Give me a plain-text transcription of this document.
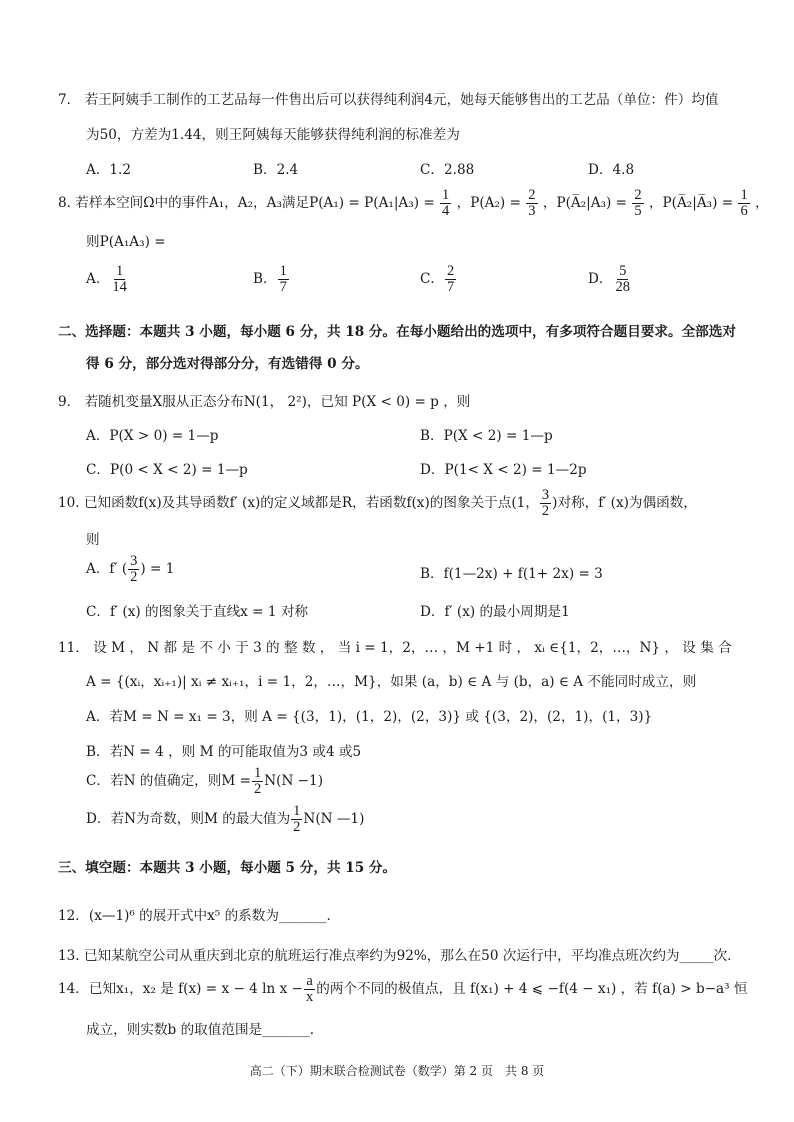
7． 若王阿姨手工制作的工艺品每一件售出后可以获得纯利润4元，她每天能够售出的工艺品（单位：件）均值
为50，方差为1.44，则王阿姨每天能够获得纯利润的标准差为
A．1.2	B．2.4	C．2.88	D．4.8
8. 若样本空间Ω中的事件A₁，A₂，A₃满足$P(A_1) = P(A_1|A_3) = \frac{1}{4}$ ，$P(A_2) = \frac{2}{3}$ ，P(A̅₂|A₃) = $\frac{2}{5}$ ，P(A̅₂|A̅₃) = $\frac{1}{6}$ ，
则P(A₁A₃) =
A． $\frac{1}{14}$	B． $\frac{1}{7}$	C． $\frac{2}{7}$	D． $\frac{5}{28}$
二、选择题：本题共 3 小题，每小题 6 分，共 18 分。在每小题给出的选项中，有多项符合题目要求。全部选对
得 6 分，部分选对得部分分，有选错得 0 分。
9． 若随机变量X服从正态分布N(1， 2²)，已知 P(X < 0) = p ，则
A．P(X > 0) = 1—p	B．P(X < 2) = 1—p
C．P(0 < X < 2) = 1—p	D．P(1< X < 2) = 1—2p
10. 已知函数f(x)及其导函数f′ (x)的定义域都是R，若函数f(x)的图象关于点(1， $\frac{3}{2}$ )对称，f′ (x)为偶函数，
则
A．f′ ( $\frac{3}{2}$ ) = 1	B．f(1—2x) + f(1+ 2x) = 3
C．f′ (x) 的图象关于直线x = 1 对称	D．f′ (x) 的最小周期是1
11． 设 M ， N 都 是 不 小 于 3 的 整 数 ， 当 i = 1，2，… ，M +1 时 ， xᵢ ∈{1，2，…，N} ， 设 集 合
A = {(xᵢ，xᵢ₊₁)| xᵢ ≠ xᵢ₊₁，i = 1，2，…，M}，如果 (a，b) ∈ A 与 (b，a) ∈ A 不能同时成立，则
A．若M = N = x₁ = 3，则 A = {(3，1)，(1，2)，(2，3)} 或 {(3，2)，(2，1)，(1，3)}
B．若N = 4 ，则 M 的可能取值为3 或4 或5
C．若N 的值确定，则$M = \frac{1}{2} N(N -1)$
D．若N为奇数，则M 的最大值为 $\frac{1}{2} N(N$ —1)
三、填空题：本题共 3 小题，每小题 5 分，共 15 分。
12．(x—1)⁶ 的展开式中x⁵ 的系数为_______.
13. 已知某航空公司从重庆到北京的航班运行准点率约为92%，那么在50 次运行中，平均准点班次约为_____次.
14．已知x₁，x₂ 是 f(x) = x − 4 $\ln x - \frac{a}{x}$ 的两个不同的极值点，且 f(x₁) + 4 ⩽ −f(4 − x₁) ，若 f(a) > b−a³ 恒
成立，则实数b 的取值范围是_______.
高二（下）期末联合检测试卷（数学）第 2 页　共 8 页
